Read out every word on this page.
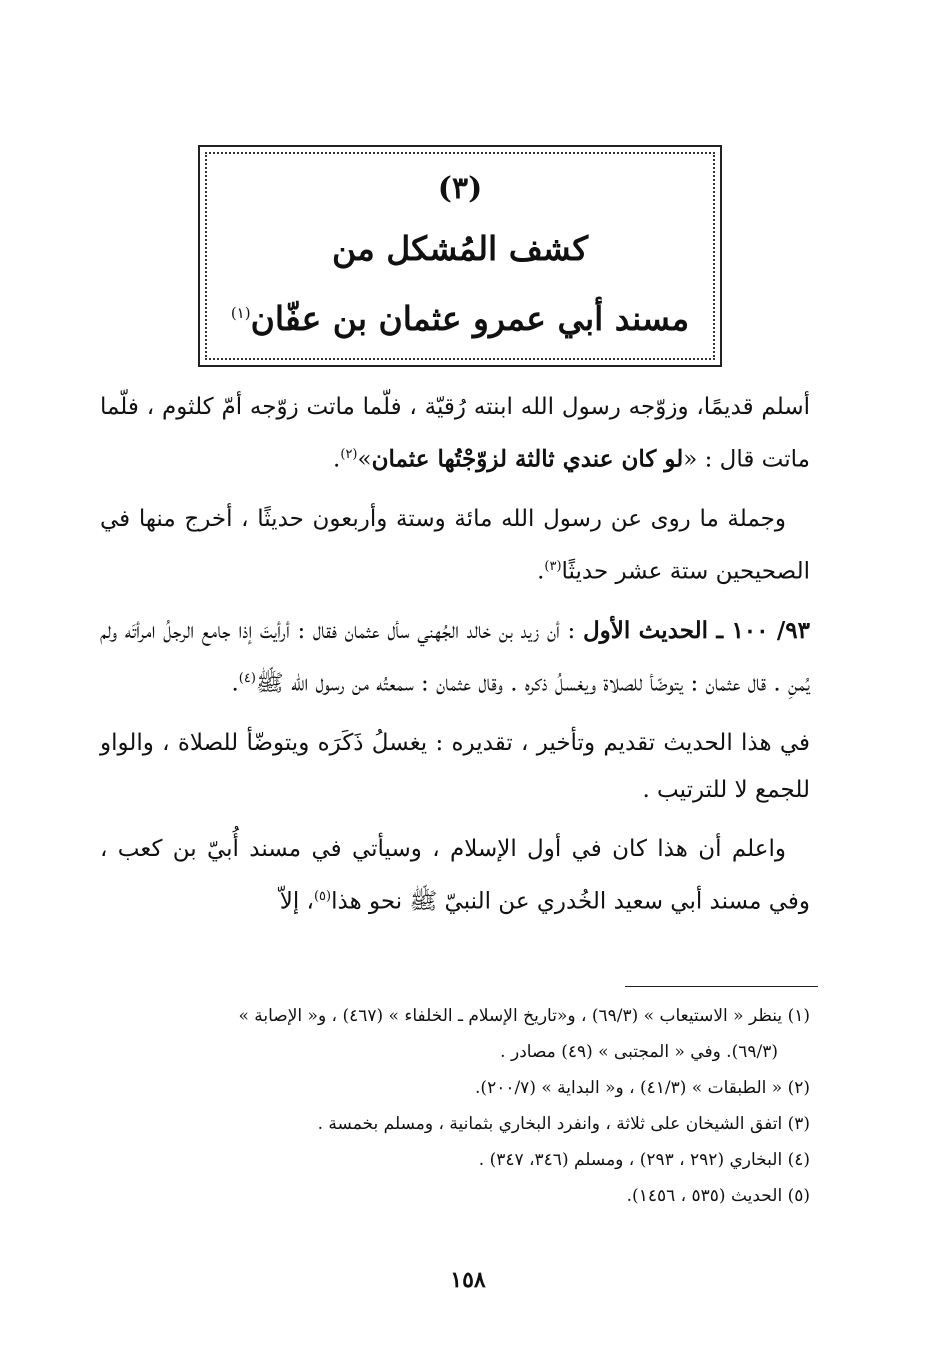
(٣)
كشف المُشكل من
مسند أبي عمرو عثمان بن عفّان$^{(١)}$

أسلم قديمًا، وزوّجه رسول الله ابنته رُقيّة ، فلّما ماتت زوّجه أمّ كلثوم ، فلّما ماتت قال : «لو كان عندي ثالثة لزوّجْتُها عثمان»$^{(٢)}$.

وجملة ما روى عن رسول الله مائة وستة وأربعون حديثًا ، أخرج منها في الصحيحين ستة عشر حديثًا$^{(٣)}$.

٩٣/ ١٠٠ ـ الحديث الأول : أن زيد بن خالد الجُهني سأل عثمان فقال : أرأيتَ إذا جامع الرجلُ امرأتَه ولم يُمنِ . قال عثمان : يتوضّأ للصلاة ويغسلُ ذكره . وقال عثمان : سمعتُه من رسول الله ﷺ$^{(٤)}$.

في هذا الحديث تقديم وتأخير ، تقديره : يغسلُ ذَكَرَه ويتوضّأ للصلاة ، والواو للجمع لا للترتيب .

واعلم أن هذا كان في أول الإسلام ، وسيأتي في مسند أُبيّ بن كعب ، وفي مسند أبي سعيد الخُدري عن النبيّ ﷺ نحو هذا$^{(٥)}$، إلاّ

(١) ينظر « الاستيعاب » (٦٩/٣) ، و«تاريخ الإسلام ـ الخلفاء » (٤٦٧) ، و« الإصابة »

(٦٩/٣). وفي « المجتبى » (٤٩) مصادر .

(٢) « الطبقات » (٤١/٣) ، و« البداية » (٢٠٠/٧).

(٣) اتفق الشيخان على ثلاثة ، وانفرد البخاري بثمانية ، ومسلم بخمسة .

(٤) البخاري (٢٩٢ ، ٢٩٣) ، ومسلم (٣٤٦، ٣٤٧) .

(٥) الحديث (٥٣٥ ، ١٤٥٦).

١٥٨
